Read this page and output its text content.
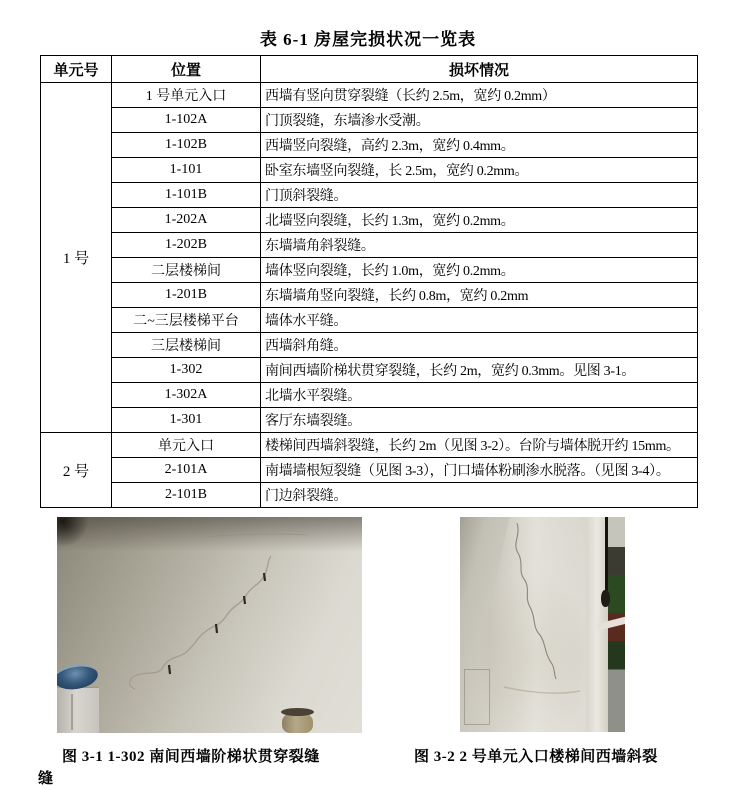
表 6-1 房屋完损状况一览表
单元号	位置	损坏情况
1 号	1 号单元入口	西墙有竖向贯穿裂缝（长约 2.5m，宽约 0.2mm）
	1-102A	门顶裂缝，东墙渗水受潮。
	1-102B	西墙竖向裂缝，高约 2.3m，宽约 0.4mm。
	1-101	卧室东墙竖向裂缝，长 2.5m，宽约 0.2mm。
	1-101B	门顶斜裂缝。
	1-202A	北墙竖向裂缝，长约 1.3m，宽约 0.2mm。
	1-202B	东墙墙角斜裂缝。
	二层楼梯间	墙体竖向裂缝，长约 1.0m，宽约 0.2mm。
	1-201B	东墙墙角竖向裂缝，长约 0.8m，宽约 0.2mm
	二~三层楼梯平台	墙体水平缝。
	三层楼梯间	西墙斜角缝。
	1-302	南间西墙阶梯状贯穿裂缝，长约 2m，宽约 0.3mm。见图 3-1。
	1-302A	北墙水平裂缝。
	1-301	客厅东墙裂缝。
2 号	单元入口	楼梯间西墙斜裂缝，长约 2m（见图 3-2）。台阶与墙体脱开约 15mm。
	2-101A	南墙墙根短裂缝（见图 3-3），门口墙体粉刷渗水脱落。（见图 3-4）。
	2-101B	门边斜裂缝。
图 3-1 1-302 南间西墙阶梯状贯穿裂缝	图 3-2 2 号单元入口楼梯间西墙斜裂
缝
